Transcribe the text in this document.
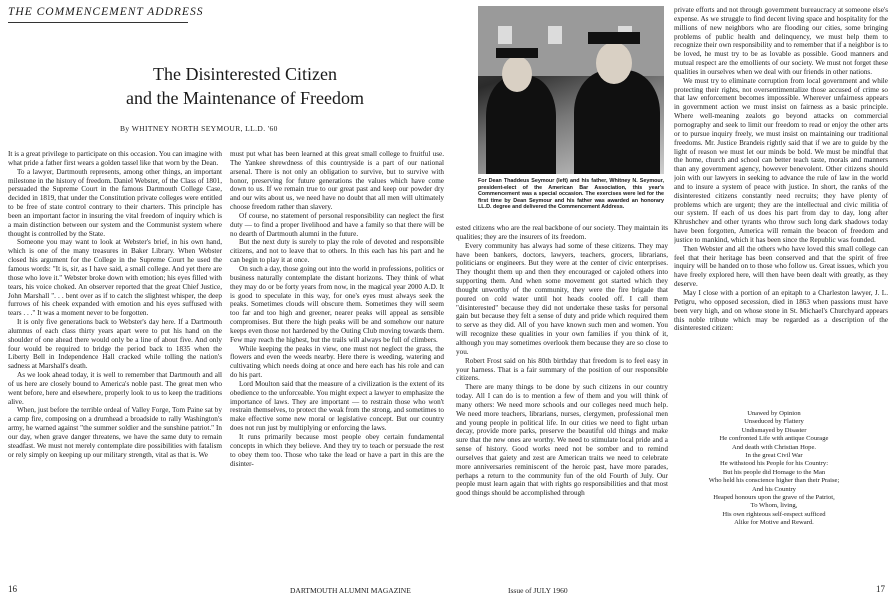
THE COMMENCEMENT ADDRESS
The Disinterested Citizen
and the Maintenance of Freedom
By WHITNEY NORTH SEYMOUR, LL.D. '60

It is a great privilege to participate on this occasion. You can imagine with what pride a father first wears a golden tassel like that worn by the Dean.

To a lawyer, Dartmouth represents, among other things, an important milestone in the history of freedom. Daniel Webster, of the Class of 1801, persuaded the Supreme Court in the famous Dartmouth College Case, decided in 1819, that under the Constitution private colleges were entitled to be free of state control contrary to their charters. This principle has been an important factor in insuring the vital freedom of inquiry which is a main distinction between our system and the Communist system where thought is controlled by the State.

Someone you may want to look at Webster's brief, in his own hand, which is one of the many treasures in Baker Library. When Webster closed his argument for the College in the Supreme Court he used the famous words: "It is, sir, as I have said, a small college. And yet there are those who love it." Webster broke down with emotion; his eyes filled with tears, his voice choked. An observer reported that the great Chief Justice, John Marshall ". . . bent over as if to catch the slightest whisper, the deep furrows of his cheek expanded with emotion and his eyes suffused with tears . . ." It was a moment never to be forgotten.

It is only five generations back to Webster's day here. If a Dartmouth alumnus of each class thirty years apart were to put his hand on the shoulder of one ahead there would only be a line of about five. And only four would be required to bridge the period back to 1835 when the Liberty Bell in Independence Hall cracked while tolling the nation's sadness at Marshall's death.

As we look ahead today, it is well to remember that Dartmouth and all of us here are closely bound to America's noble past. The great men who went before, here and elsewhere, properly look to us to keep the traditions alive.

When, just before the terrible ordeal of Valley Forge, Tom Paine sat by a camp fire, composing on a drumhead a broadside to rally Washington's army, he warned against "the summer soldier and the sunshine patriot." In our day, when grave danger threatens, we have the same duty to remain steadfast. We must not merely contemplate dire possibilities with fatalism or rely simply on keeping up our military strength, vital as that is. We

must put what has been learned at this great small college to fruitful use. The Yankee shrewdness of this countryside is a part of our national arsenal. There is not only an obligation to survive, but to survive with honor, preserving for future generations the values which have come down to us. If we remain true to our great past and keep our powder dry and our wits about us, we need have no doubt that all men will ultimately choose freedom rather than slavery.

Of course, no statement of personal responsibility can neglect the first duty — to find a proper livelihood and have a family so that there will be no dearth of Dartmouth alumni in the future.

But the next duty is surely to play the role of devoted and responsible citizens, and not to leave that to others. In this each has his part and he can begin to play it at once.

On such a day, those going out into the world in professions, politics or business naturally contemplate the distant horizons. They think of what they may do or be forty years from now, in the magical year 2000 A.D. It is good to speculate in this way, for one's eyes must always seek the peaks. Sometimes clouds will obscure them. Sometimes they will seem too far and too high and greener, nearer peaks will appeal as sensible compromises. But there the high peaks will be and somehow our nature keeps even those not hardened by the Outing Club moving towards them. Few may reach the highest, but the trails will always be full of climbers.

While keeping the peaks in view, one must not neglect the grass, the flowers and even the weeds nearby. Here there is weeding, watering and cultivating which needs doing at once and here each has his role and can do his part.

Lord Moulton said that the measure of a civilization is the extent of its obedience to the unforceable. You might expect a lawyer to emphasize the importance of laws. They are important — to restrain those who won't restrain themselves, to protect the weak from the strong, and sometimes to make effective some new moral or legislative concept. But our country does not run just by multiplying or enforcing the laws.

It runs primarily because most people obey certain fundamental concepts in which they believe. And they try to teach or persuade the rest to obey them too. Those who take the lead or have a part in this are the disinter-

16	DARTMOUTH ALUMNI MAGAZINE
For Dean Thaddeus Seymour (left) and his father, Whitney N. Seymour, president-elect of the American Bar Association, this year's Commencement was a special occasion. The exercises were led for the first time by Dean Seymour and his father was awarded an honorary LL.D. degree and delivered the Commencement Address.

ested citizens who are the real backbone of our society. They maintain its qualities; they are the insurers of its freedom.

Every community has always had some of these citizens. They may have been bankers, doctors, lawyers, teachers, grocers, librarians, politicians or engineers. But they were at the center of civic enterprises. They thought them up and then they encouraged or cajoled others into supporting them. And when some movement got started which they thought unworthy of the community, they were the fire brigade that poured on cold water until hot heads cooled off. I call them "disinterested" because they did not undertake these tasks for personal gain but because they felt a sense of duty and pride which required them to serve as they did. All of you have known such men and women. You will recognize these qualities in your own families if you think of it, although you may sometimes overlook them because they are so close to you.

Robert Frost said on his 80th birthday that freedom is to feel easy in your harness. That is a fair summary of the position of our responsible citizens.

There are many things to be done by such citizens in our country today. All I can do is to mention a few of them and you will think of many others: We need more schools and our colleges need much help. We need more teachers, librarians, nurses, clergymen, professional men and young people in political life. In our cities we need to fight urban decay, provide more parks, preserve the beautiful old things and make sure that the new ones are worthy. We need to stimulate local pride and a sense of history. Good works need not be somber and to remind ourselves that gaiety and zest are American traits we need to celebrate more anniversaries reminiscent of the heroic past, have more parades, perhaps a return to the community fun of the old Fourth of July. Our people must learn again that with rights go responsibilities and that most good things should be accomplished through

private efforts and not through government bureaucracy at someone else's expense. As we struggle to find decent living space and hospitality for the millions of new neighbors who are flooding our cities, some bringing problems of public health and delinquency, we must help them to recognize their own responsibility and to remember that if a neighbor is to be loved, he must try to be as lovable as possible. Good manners and mutual respect are the emollients of our society. We must not forget these qualities in ourselves when we deal with our friends in other nations.

We must try to eliminate corruption from local government and while protecting their rights, not oversentimentalize those accused of crime so that law enforcement becomes impossible. Wherever unfairness appears in government action we must insist on fairness as a basic principle. Where well-meaning zealots go beyond attacks on commercial pornography and seek to limit our freedom to read or enjoy the other arts or to pursue inquiry freely, we must insist on maintaining our traditional freedoms. Mr. Justice Brandeis rightly said that if we are to guide by the light of reason we must let our minds be bold. We must be mindful that the home, church and school can better teach taste, morals and manners than any government agency, however benevolent. Other citizens should join with our lawyers in seeking to advance the rule of law in the world and to insure a system of peace with justice. In short, the ranks of the disinterested citizens constantly need recruits; they have plenty of problems which are urgent; they are the intellectual and civic militia of our system. If each of us does his part from day to day, long after Khrushchev and other tyrants who throw such long dark shadows today have been forgotten, America will remain the beacon of freedom and justice to mankind, which it has been since the Republic was founded.

Then Webster and all the others who have loved this small college can feel that their heritage has been conserved and that the spirit of free inquiry will be handed on to those who follow us. Great issues, which you have freely explored here, will then have been dealt with greatly, as they deserve.

May I close with a portion of an epitaph to a Charleston lawyer, J. L. Petigru, who opposed secession, died in 1863 when passions must have been very high, and on whose stone in St. Michael's Churchyard appears this noble tribute which may be regarded as a description of the disinterested citizen:

Unawed by Opinion
Unseduced by Flattery
Undismayed by Disaster
He confronted Life with antique Courage
And death with Christian Hope.
In the great Civil War
He withstood his People for his Country:
But his people did Homage to the Man
Who held his conscience higher than their Praise;
And his Country
Heaped honours upon the grave of the Patriot,
To Whom, living,
His own righteous self-respect sufficed
Alike for Motive and Reward.
Issue of JULY 1960	17
